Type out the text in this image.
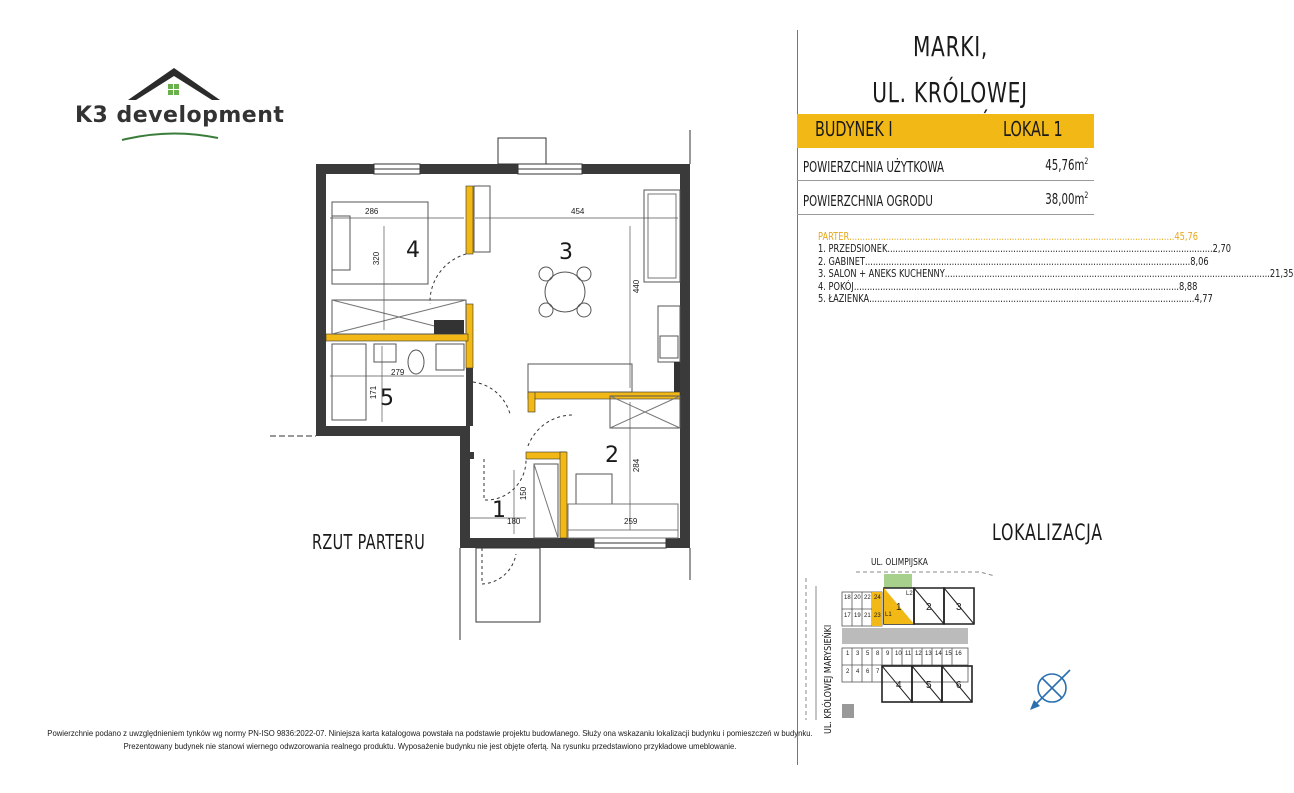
K3 development
4	3
5
2
1
286	454
320
440
279
171
150
180	259
284
RZUT PARTERU
MARKI,
UL. KRÓLOWEJ
BUDYNEK I	LOKAL 1
POWIERZCHNIA UŻYTKOWA	$45,76m^2$
POWIERZCHNIA OGRODU	$38,00m^2$
PARTER ............................................................................................................................ 45,76
1. PRZEDSIONEK ............................................................................................................................ 2,70
2. GABINET ............................................................................................................................ 8,06
3. SALON + ANEKS KUCHENNY ............................................................................................................................ 21,35
4. POKÓJ ............................................................................................................................ 8,88
5. ŁAZIENKA ............................................................................................................................ 4,77
LOKALIZACJA
UL. OLIMPIJSKA
UL. KRÓLOWEJ MARYSIEŃKI
18 20 22 24
17 19 21 23
1 3 5 8 9 10 11 12 13 14 15 16
2 4 6 7
1 2 3
4 5 6
L1
L2
Powierzchnie podano z uwzględnieniem tynków wg normy PN-ISO 9836:2022-07. Niniejsza karta katalogowa powstała na podstawie projektu budowlanego. Służy ona wskazaniu lokalizacji budynku i pomieszczeń w budynku.
Prezentowany budynek nie stanowi wiernego odwzorowania realnego produktu. Wyposażenie budynku nie jest objęte ofertą. Na rysunku przedstawiono przykładowe umeblowanie.
